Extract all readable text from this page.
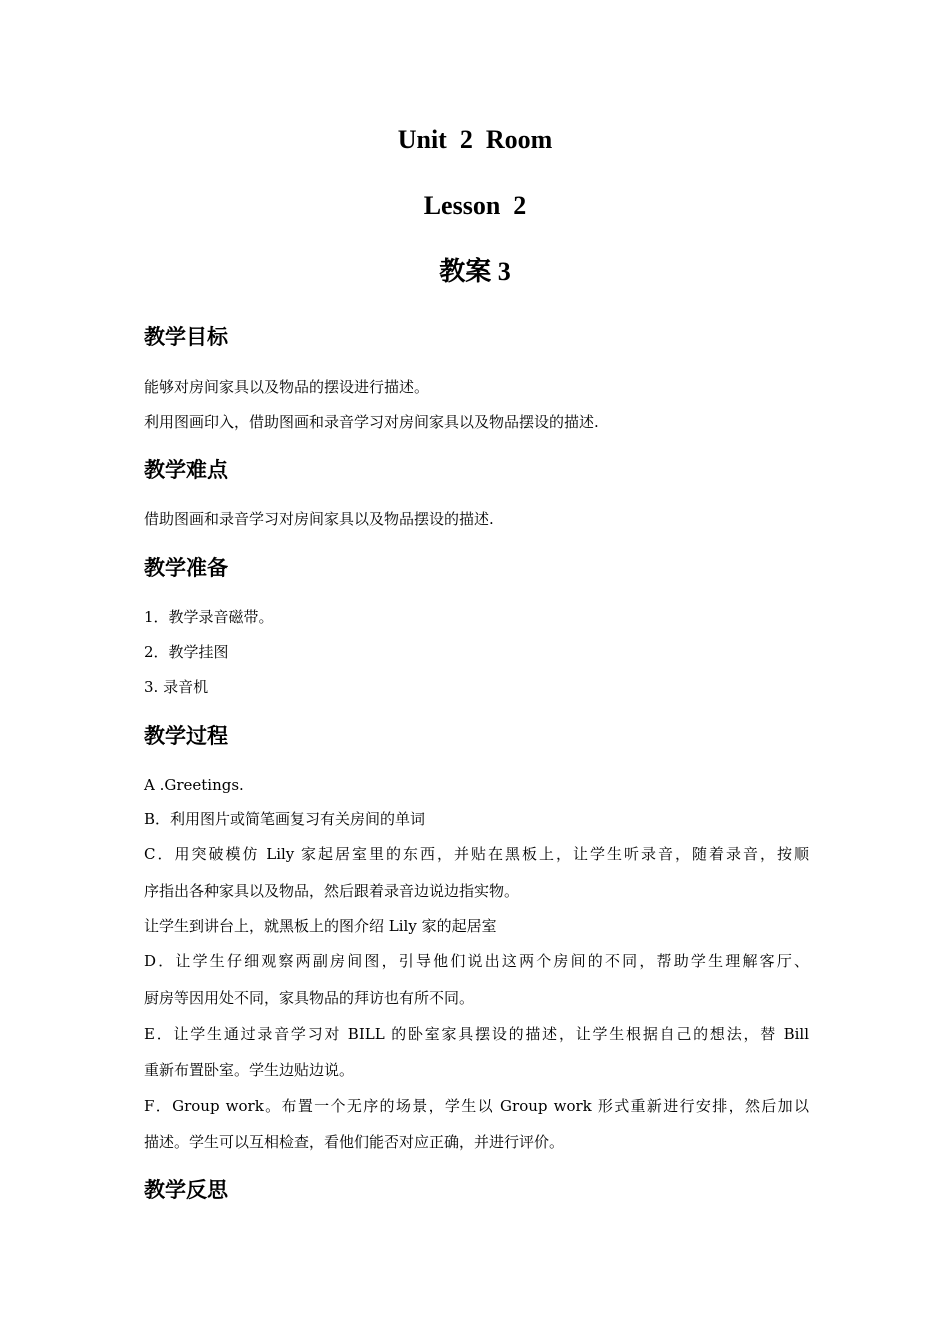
Unit  2  Room
Lesson  2
教案 3
教学目标
能够对房间家具以及物品的摆设进行描述。
利用图画印入，借助图画和录音学习对房间家具以及物品摆设的描述.
教学难点
借助图画和录音学习对房间家具以及物品摆设的描述.
教学准备
1．教学录音磁带。
2．教学挂图
3. 录音机
教学过程
A .Greetings.
B．利用图片或简笔画复习有关房间的单词
C．用突破模仿 Lily 家起居室里的东西，并贴在黑板上，让学生听录音，随着录音，按顺
序指出各种家具以及物品，然后跟着录音边说边指实物。
让学生到讲台上，就黑板上的图介绍 Lily 家的起居室
D．让学生仔细观察两副房间图，引导他们说出这两个房间的不同，帮助学生理解客厅、
厨房等因用处不同，家具物品的拜访也有所不同。
E．让学生通过录音学习对 BILL 的卧室家具摆设的描述，让学生根据自己的想法，替 Bill
重新布置卧室。学生边贴边说。
F．Group work。布置一个无序的场景，学生以 Group work 形式重新进行安排，然后加以
描述。学生可以互相检查，看他们能否对应正确，并进行评价。
教学反思
